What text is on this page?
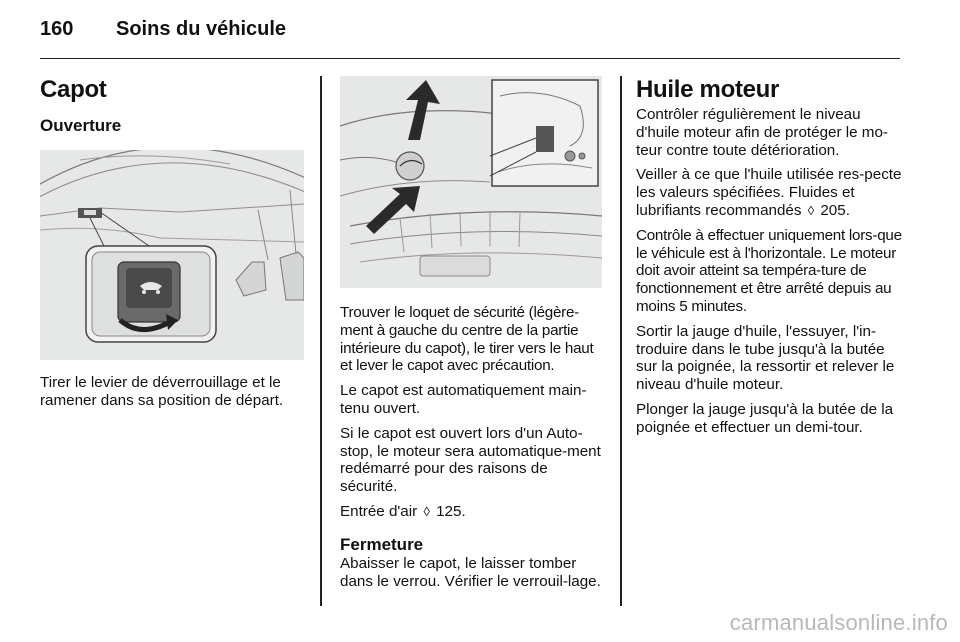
160 Soins du véhicule
Capot
Ouverture

Tirer le levier de déverrouillage et le ramener dans sa position de départ.

Trouver le loquet de sécurité (légère-ment à gauche du centre de la partie intérieure du capot), le tirer vers le haut et lever le capot avec précaution.

Le capot est automatiquement main-tenu ouvert.

Si le capot est ouvert lors d'un Auto-stop, le moteur sera automatique-ment redémarré pour des raisons de sécurité.

Entrée d'air ◊ 125.

Fermeture

Abaisser le capot, le laisser tomber dans le verrou. Vérifier le verrouil-lage.

Huile moteur

Contrôler régulièrement le niveau d'huile moteur afin de protéger le mo-teur contre toute détérioration.

Veiller à ce que l'huile utilisée res-pecte les valeurs spécifiées. Fluides et lubrifiants recommandés ◊ 205.

Contrôle à effectuer uniquement lors-que le véhicule est à l'horizontale. Le moteur doit avoir atteint sa tempéra-ture de fonctionnement et être arrêté depuis au moins 5 minutes.

Sortir la jauge d'huile, l'essuyer, l'in-troduire dans le tube jusqu'à la butée sur la poignée, la ressortir et relever le niveau d'huile moteur.

Plonger la jauge jusqu'à la butée de la poignée et effectuer un demi-tour.

carmanualsonline.info
